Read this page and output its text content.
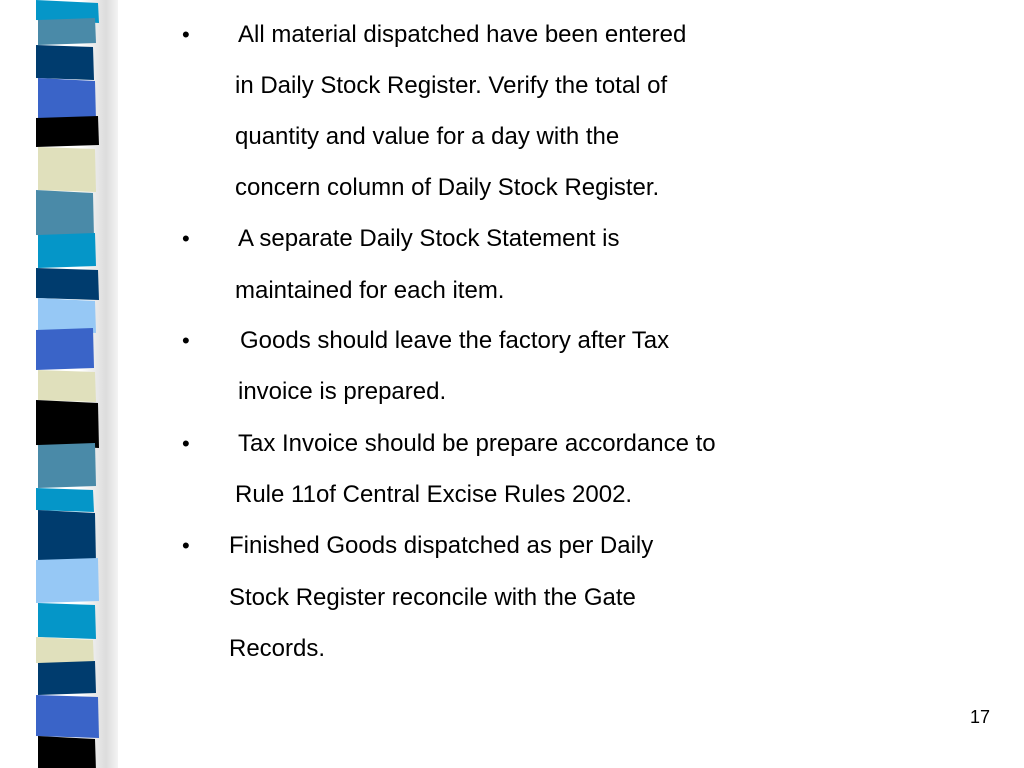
• All material dispatched have been entered
in Daily Stock Register. Verify the total of
quantity and value for a day with the
concern column of Daily Stock Register.
• A separate Daily Stock Statement is
maintained for each item.
• Goods should leave the factory after Tax
invoice is prepared.
• Tax Invoice should be prepare accordance to
Rule 11of Central Excise Rules 2002.
• Finished Goods dispatched as per Daily
Stock Register reconcile with the Gate
Records.
17
